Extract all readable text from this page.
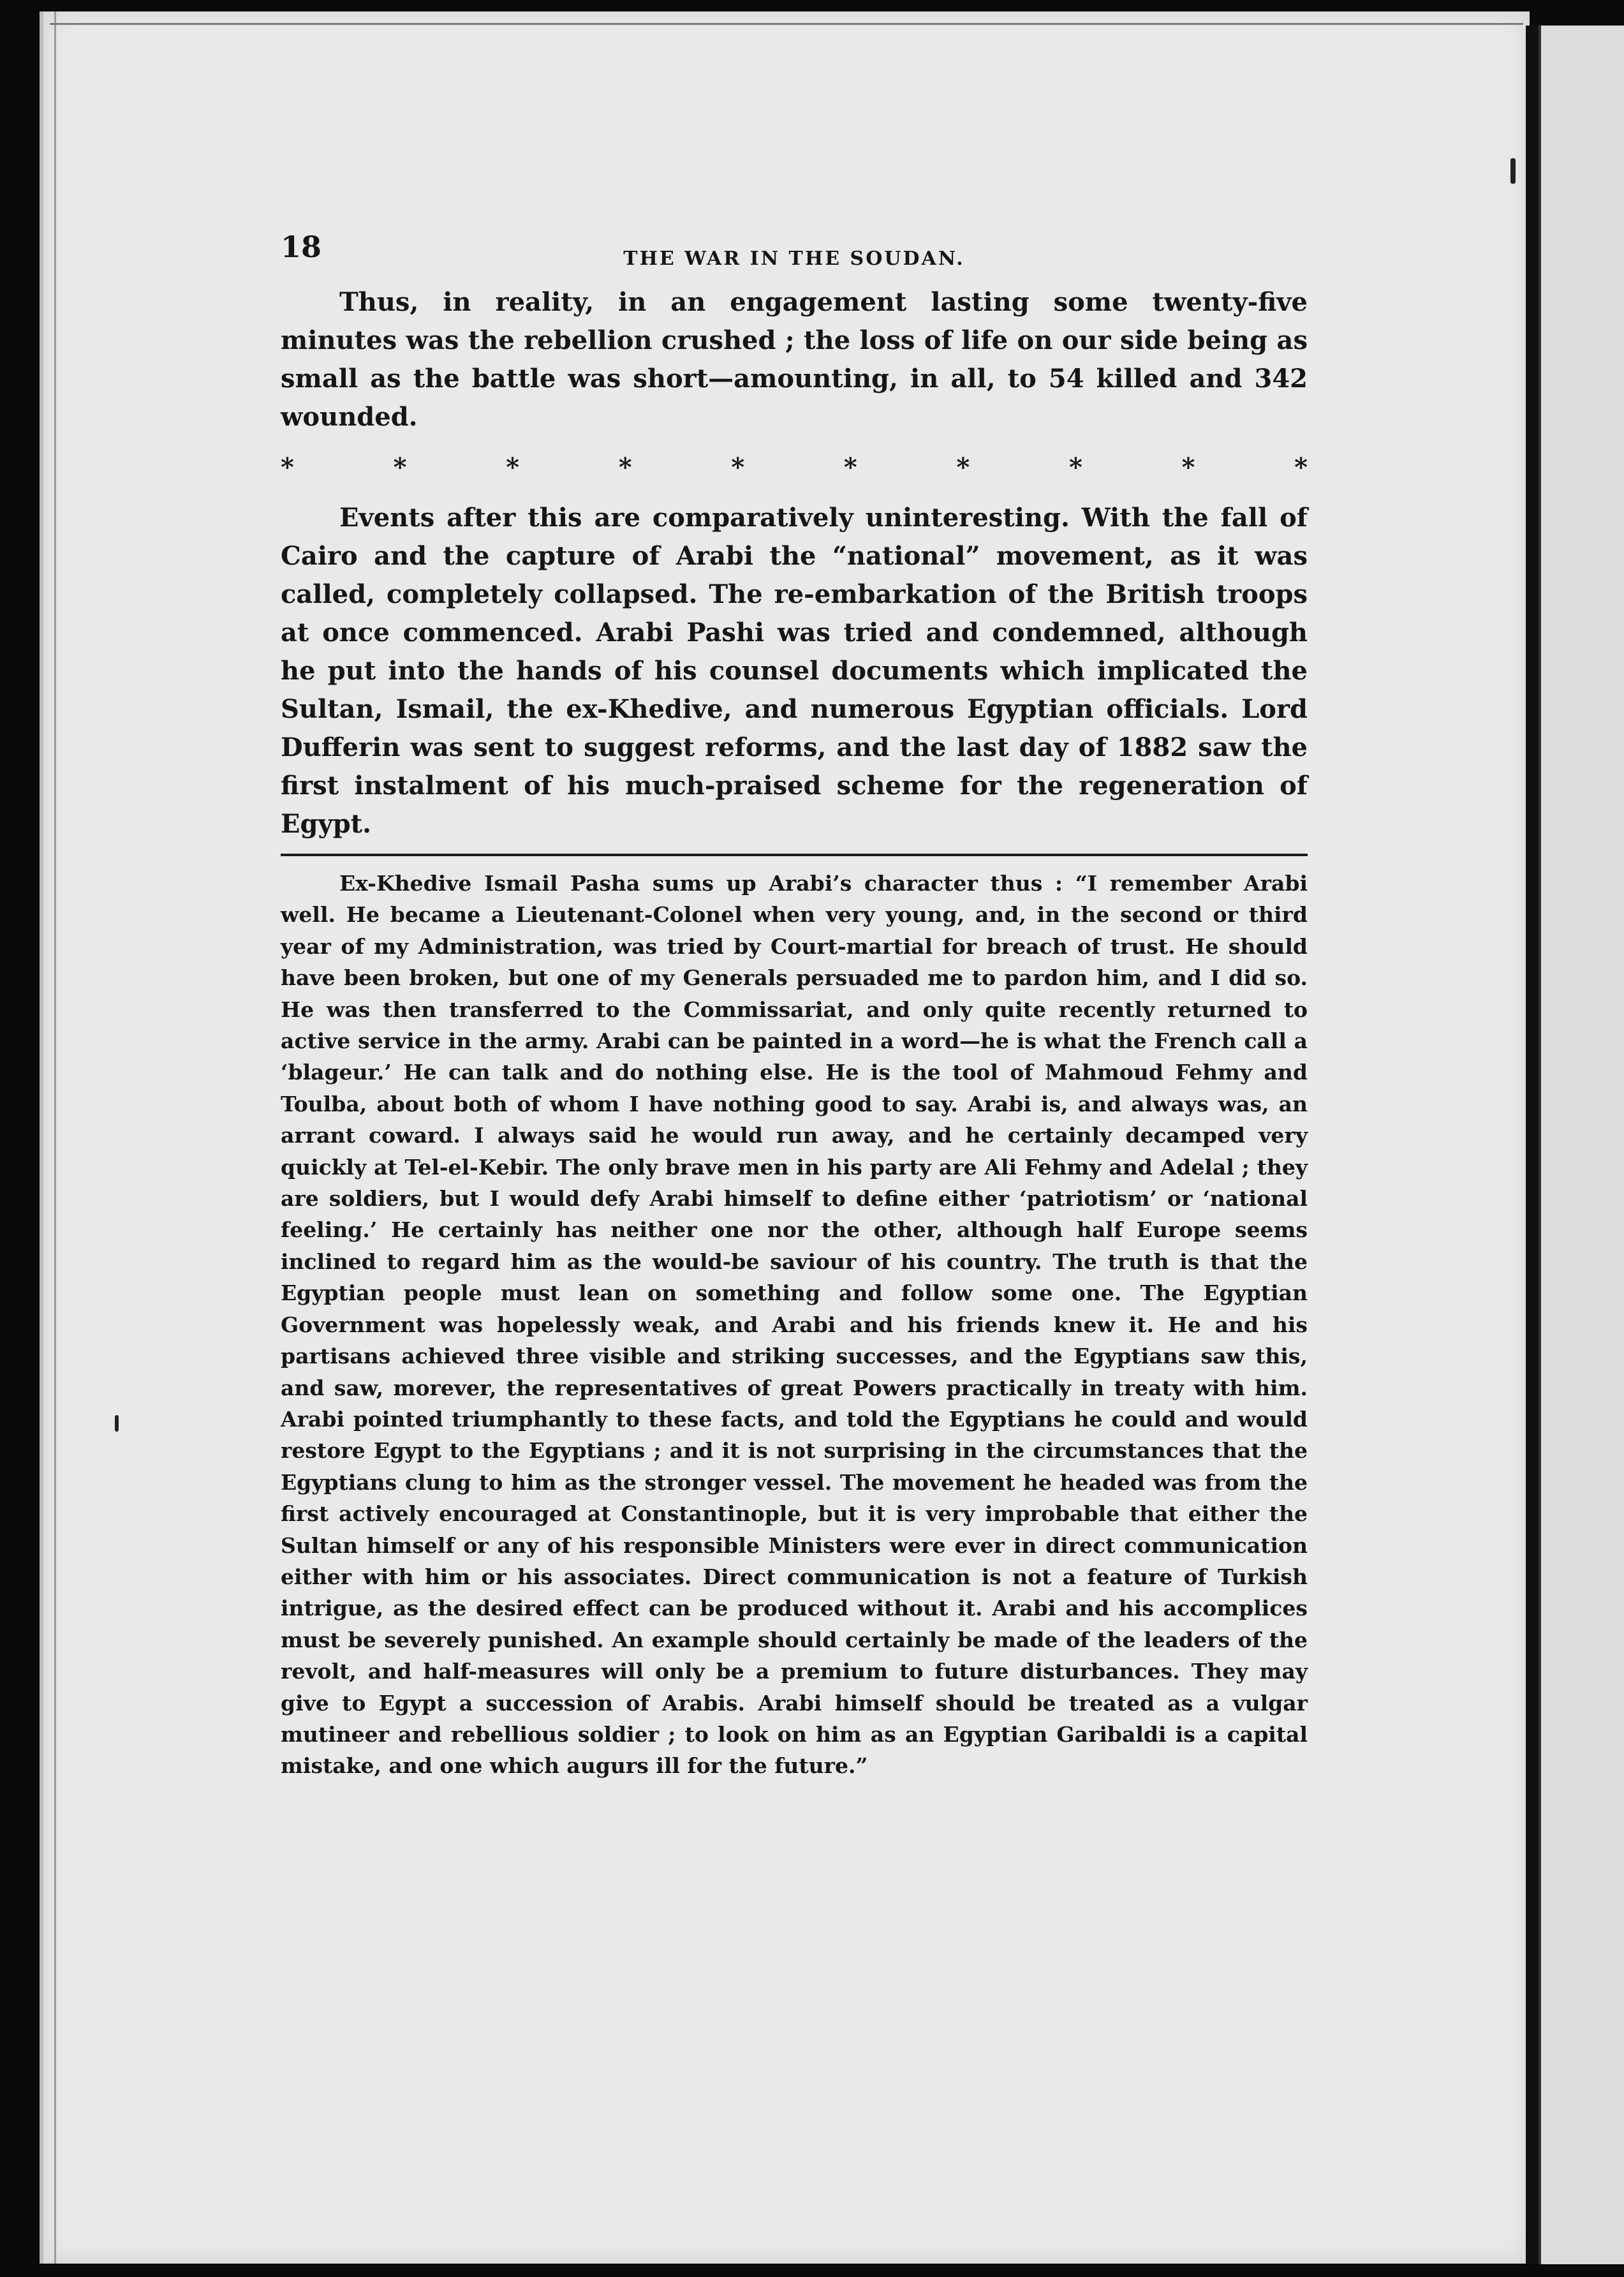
18	THE WAR IN THE SOUDAN.

Thus, in reality, in an engagement lasting some twenty-five minutes was the rebellion crushed ; the loss of life on our side being as small as the battle was short—amounting, in all, to 54 killed and 342 wounded.

*	*	*	*	*	*	*	*	*	*

Events after this are comparatively uninteresting. With the fall of Cairo and the capture of Arabi the “national” movement, as it was called, completely collapsed. The re-embarkation of the British troops at once commenced. Arabi Pashi was tried and condemned, although he put into the hands of his counsel documents which implicated the Sultan, Ismail, the ex-Khedive, and numerous Egyptian officials. Lord Dufferin was sent to suggest reforms, and the last day of 1882 saw the first instalment of his much-praised scheme for the regeneration of Egypt.

Ex-Khedive Ismail Pasha sums up Arabi’s character thus : “I remember Arabi well. He became a Lieutenant-Colonel when very young, and, in the second or third year of my Administration, was tried by Court-martial for breach of trust. He should have been broken, but one of my Generals persuaded me to pardon him, and I did so. He was then transferred to the Commissariat, and only quite recently returned to active service in the army. Arabi can be painted in a word—he is what the French call a ‘blageur.’ He can talk and do nothing else. He is the tool of Mahmoud Fehmy and Toulba, about both of whom I have nothing good to say. Arabi is, and always was, an arrant coward. I always said he would run away, and he certainly decamped very quickly at Tel-el-Kebir. The only brave men in his party are Ali Fehmy and Adelal ; they are soldiers, but I would defy Arabi himself to define either ‘patriotism’ or ‘national feeling.’ He certainly has neither one nor the other, although half Europe seems inclined to regard him as the would-be saviour of his country. The truth is that the Egyptian people must lean on something and follow some one. The Egyptian Government was hopelessly weak, and Arabi and his friends knew it. He and his partisans achieved three visible and striking successes, and the Egyptians saw this, and saw, morever, the representatives of great Powers practically in treaty with him. Arabi pointed triumphantly to these facts, and told the Egyptians he could and would restore Egypt to the Egyptians ; and it is not surprising in the circumstances that the Egyptians clung to him as the stronger vessel. The movement he headed was from the first actively encouraged at Constantinople, but it is very improbable that either the Sultan himself or any of his responsible Ministers were ever in direct communication either with him or his associates. Direct communication is not a feature of Turkish intrigue, as the desired effect can be produced without it. Arabi and his accomplices must be severely punished. An example should certainly be made of the leaders of the revolt, and half-measures will only be a premium to future disturbances. They may give to Egypt a succession of Arabis. Arabi himself should be treated as a vulgar mutineer and rebellious soldier ; to look on him as an Egyptian Garibaldi is a capital mistake, and one which augurs ill for the future.”
